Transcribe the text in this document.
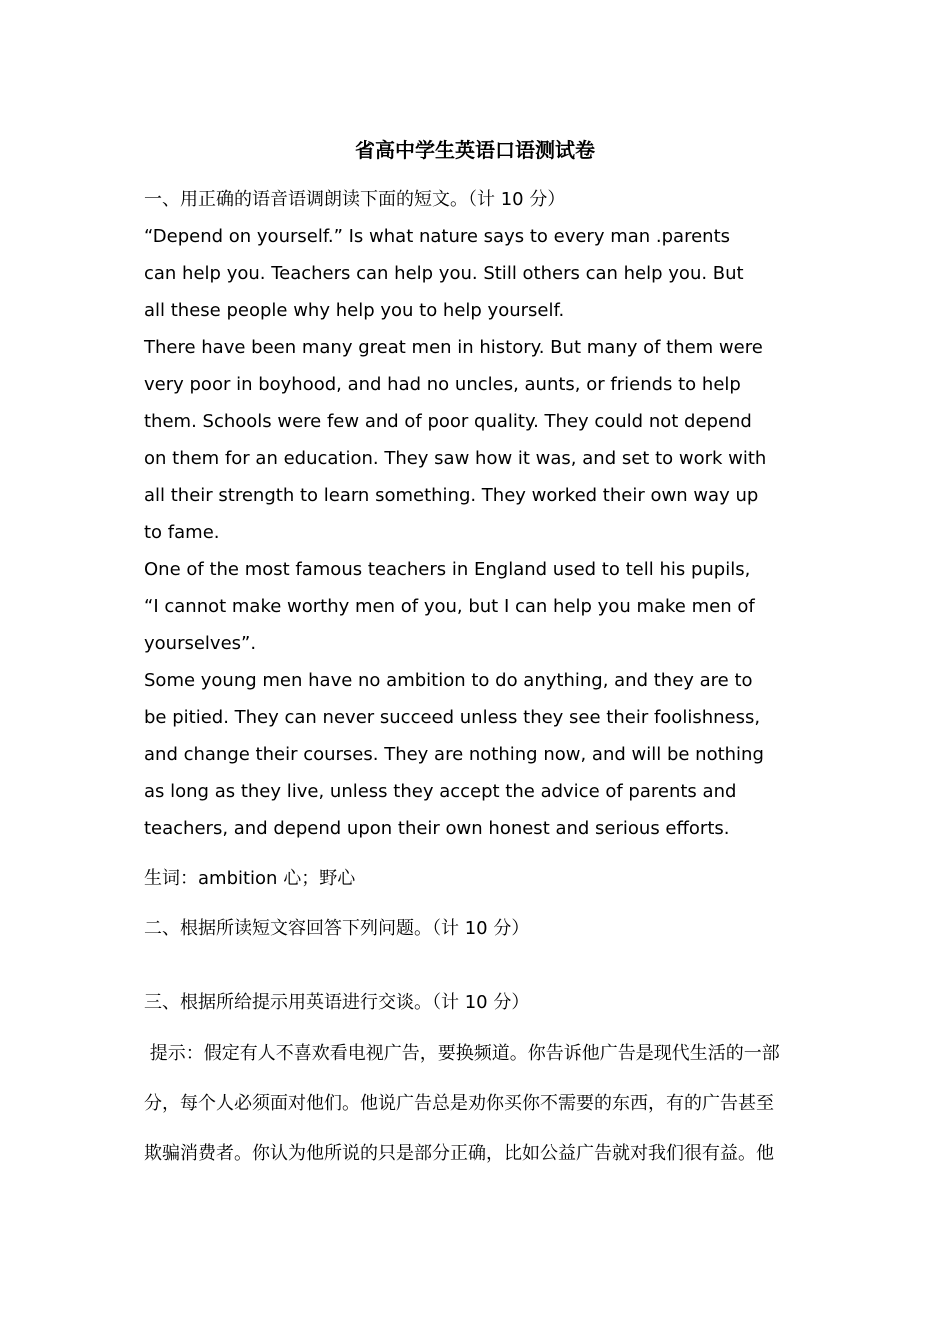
省高中学生英语口语测试卷
一、用正确的语音语调朗读下面的短文。（计 10 分）
“Depend on yourself.” Is what nature says to every man .parents
can help you. Teachers can help you. Still others can help you. But
all these people why help you to help yourself.
There have been many great men in history. But many of them were
very poor in boyhood, and had no uncles, aunts, or friends to help
them. Schools were few and of poor quality. They could not depend
on them for an education. They saw how it was, and set to work with
all their strength to learn something. They worked their own way up
to fame.
One of the most famous teachers in England used to tell his pupils,
“I cannot make worthy men of you, but I can help you make men of
yourselves”.
Some young men have no ambition to do anything, and they are to
be pitied. They can never succeed unless they see their foolishness,
and change their courses. They are nothing now, and will be nothing
as long as they live, unless they accept the advice of parents and
teachers, and depend upon their own honest and serious efforts.
生词：ambition 心；野心
二、根据所读短文容回答下列问题。（计 10 分）
三、根据所给提示用英语进行交谈。（计 10 分）
提示：假定有人不喜欢看电视广告，要换频道。你告诉他广告是现代生活的一部
分，每个人必须面对他们。他说广告总是劝你买你不需要的东西，有的广告甚至
欺骗消费者。你认为他所说的只是部分正确，比如公益广告就对我们很有益。他
